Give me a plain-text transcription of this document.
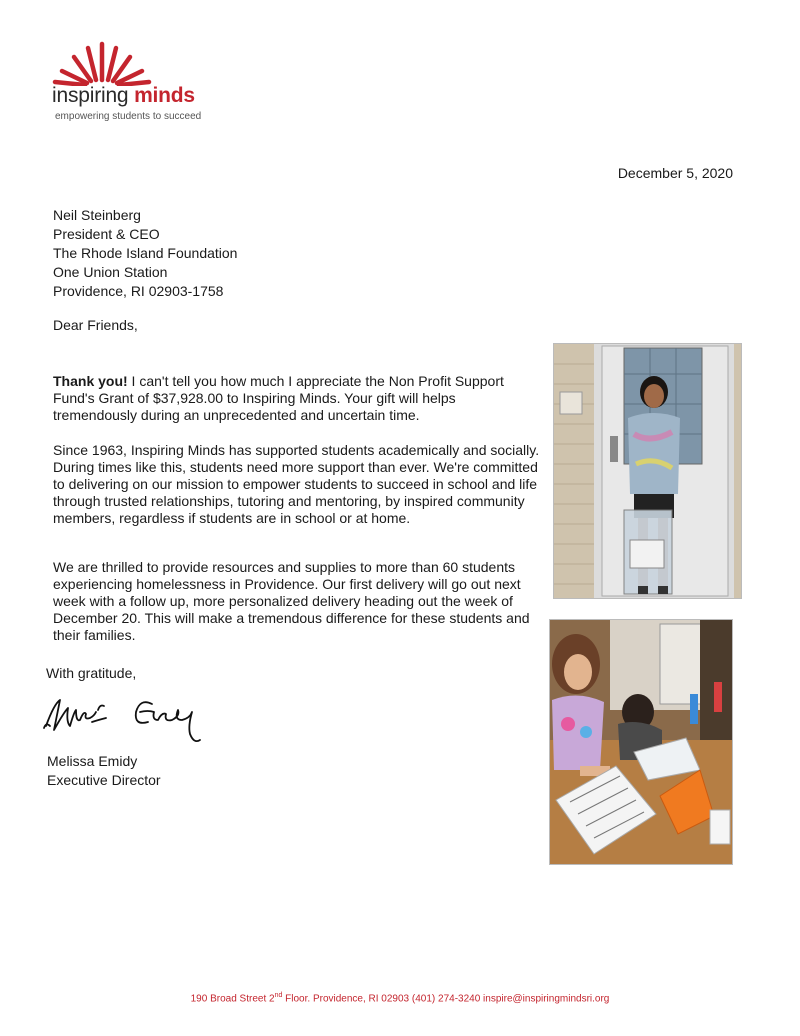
inspiring minds
empowering students to succeed
December 5, 2020
Neil Steinberg
President & CEO
The Rhode Island Foundation
One Union Station
Providence, RI 02903-1758
Dear Friends,

Thank you! I can't tell you how much I appreciate the Non Profit Support Fund's Grant of $37,928.00 to Inspiring Minds. Your gift will helps tremendously during an unprecedented and uncertain time.

Since 1963, Inspiring Minds has supported students academically and socially. During times like this, students need more support than ever. We're committed to delivering on our mission to empower students to succeed in school and life through trusted relationships, tutoring and mentoring, by inspired community members, regardless if students are in school or at home.

We are thrilled to provide resources and supplies to more than 60 students experiencing homelessness in Providence. Our first delivery will go out next week with a follow up, more personalized delivery heading out the week of December 20. This will make a tremendous difference for these students and their families.

With gratitude,
Melissa Emidy
Executive Director
190 Broad Street 2nd Floor. Providence, RI 02903 (401) 274-3240 inspire@inspiringmindsri.org
